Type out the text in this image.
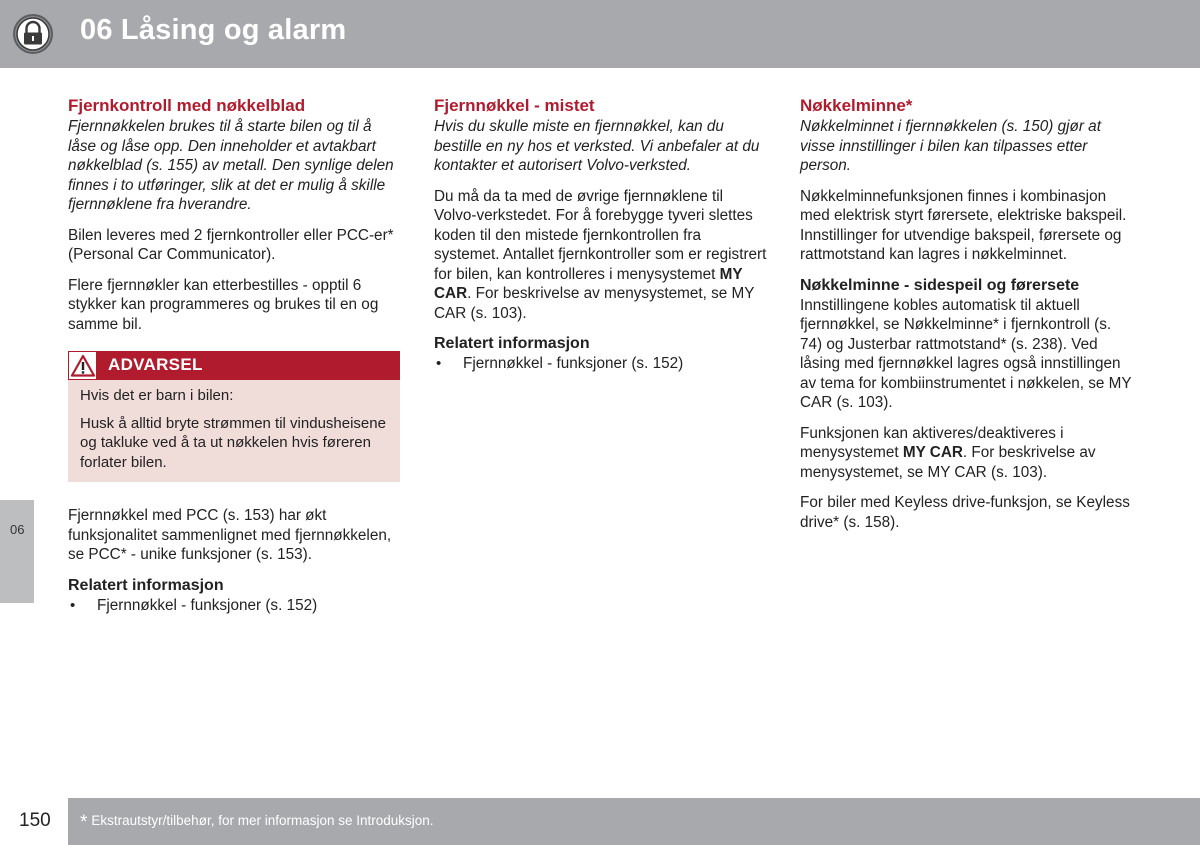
06 Låsing og alarm
06
Fjernkontroll med nøkkelblad

Fjernnøkkelen brukes til å starte bilen og til å låse og låse opp. Den inneholder et avtakbart nøkkelblad (s. 155) av metall. Den synlige delen finnes i to utføringer, slik at det er mulig å skille fjernnøklene fra hverandre.

Bilen leveres med 2 fjernkontroller eller PCC-er* (Personal Car Communicator).

Flere fjernnøkler kan etterbestilles - opptil 6 stykker kan programmeres og brukes til en og samme bil.

ADVARSEL

Hvis det er barn i bilen:

Husk å alltid bryte strømmen til vindusheisene og takluke ved å ta ut nøkkelen hvis føreren forlater bilen.

Fjernnøkkel med PCC (s. 153) har økt funksjonalitet sammenlignet med fjernnøkkelen, se PCC* - unike funksjoner (s. 153).

Relatert informasjon
• Fjernnøkkel - funksjoner (s. 152)
Fjernnøkkel - mistet

Hvis du skulle miste en fjernnøkkel, kan du bestille en ny hos et verksted. Vi anbefaler at du kontakter et autorisert Volvo-verksted.

Du må da ta med de øvrige fjernnøklene til Volvo-verkstedet. For å forebygge tyveri slettes koden til den mistede fjernkontrollen fra systemet. Antallet fjernkontroller som er registrert for bilen, kan kontrolleres i menysystemet MY CAR. For beskrivelse av menysystemet, se MY CAR (s. 103).

Relatert informasjon
• Fjernnøkkel - funksjoner (s. 152)
Nøkkelminne*

Nøkkelminnet i fjernnøkkelen (s. 150) gjør at visse innstillinger i bilen kan tilpasses etter person.

Nøkkelminnefunksjonen finnes i kombinasjon med elektrisk styrt førersete, elektriske bakspeil. Innstillinger for utvendige bakspeil, førersete og rattmotstand kan lagres i nøkkelminnet.

Nøkkelminne - sidespeil og førersete

Innstillingene kobles automatisk til aktuell fjernnøkkel, se Nøkkelminne* i fjernkontroll (s. 74) og Justerbar rattmotstand* (s. 238). Ved låsing med fjernnøkkel lagres også innstillingen av tema for kombiinstrumentet i nøkkelen, se MY CAR (s. 103).

Funksjonen kan aktiveres/deaktiveres i menysystemet MY CAR. For beskrivelse av menysystemet, se MY CAR (s. 103).

For biler med Keyless drive-funksjon, se Keyless drive* (s. 158).

150 * Ekstrautstyr/tilbehør, for mer informasjon se Introduksjon.
